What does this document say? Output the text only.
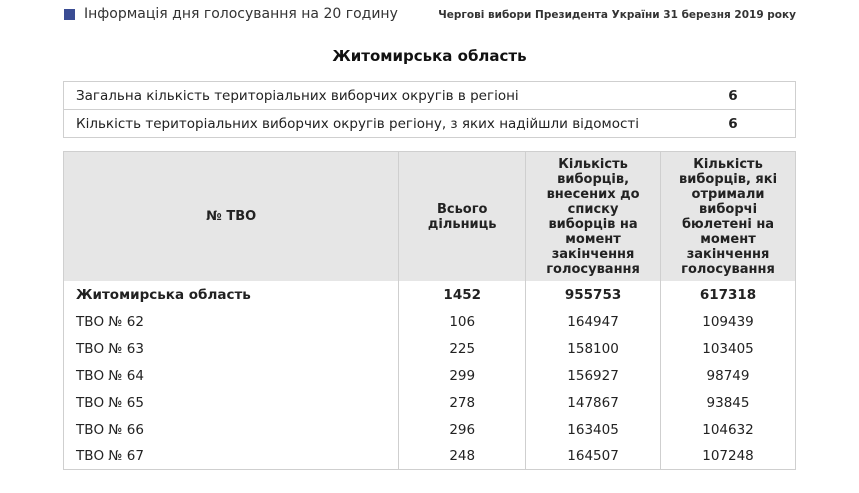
Інформація дня голосування на 20 годину	Чергові вибори Президента України 31 березня 2019 року
Житомирська область
Загальна кількість територіальних виборчих округів в регіоні	6
Кількість територіальних виборчих округів регіону, з яких надійшли відомості	6
№ ТВО	Всього дільниць	Кількість виборців, внесених до списку виборців на момент закінчення голосування	Кількість виборців, які отримали виборчі бюлетені на момент закінчення голосування
Житомирська область	1452	955753	617318
ТВО № 62	106	164947	109439
ТВО № 63	225	158100	103405
ТВО № 64	299	156927	98749
ТВО № 65	278	147867	93845
ТВО № 66	296	163405	104632
ТВО № 67	248	164507	107248
